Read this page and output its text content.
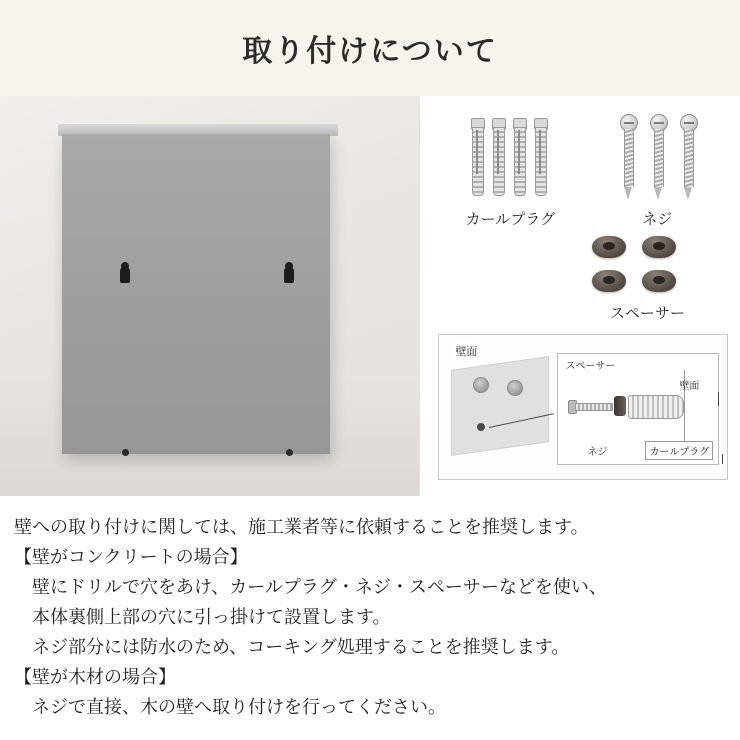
取り付けについて
カールプラグ	ネジ
スペーサー
壁面
スペーサー
壁面
ネジ	カールプラグ
壁への取り付けに関しては、施工業者等に依頼することを推奨します。
【壁がコンクリートの場合】
壁にドリルで穴をあけ、カールプラグ・ネジ・スペーサーなどを使い、
本体裏側上部の穴に引っ掛けて設置します。
ネジ部分には防水のため、コーキング処理することを推奨します。
【壁が木材の場合】
ネジで直接、木の壁へ取り付けを行ってください。
